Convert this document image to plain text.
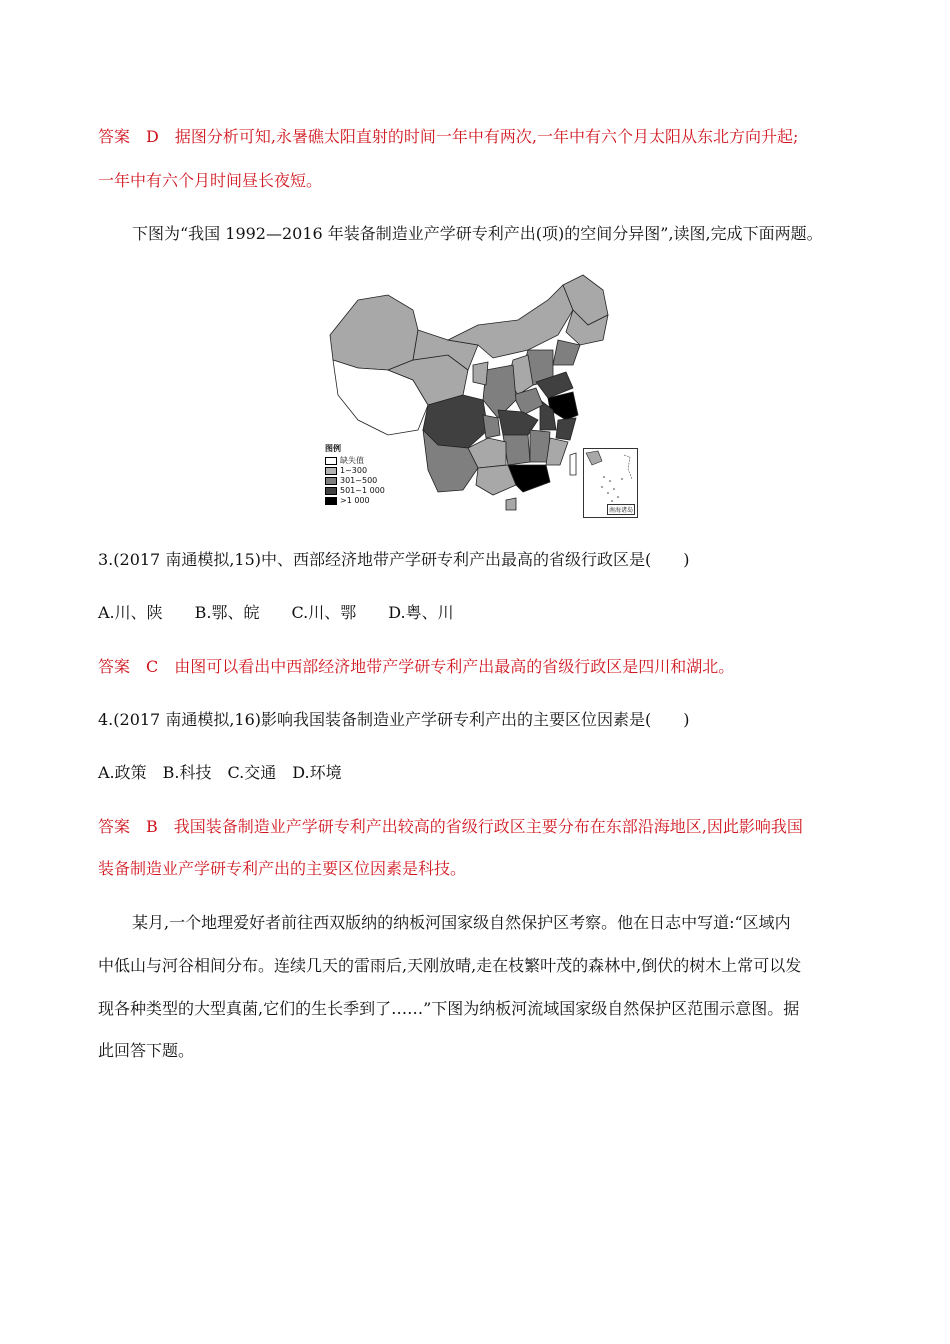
答案　D　据图分析可知,永暑礁太阳直射的时间一年中有两次,一年中有六个月太阳从东北方向升起;
一年中有六个月时间昼长夜短。
下图为“我国 1992—2016 年装备制造业产学研专利产出(项)的空间分异图”,读图,完成下面两题。
图例
缺失值
1~300
301~500
501~1 000
>1 000
南海诸岛
3.(2017 南通模拟,15)中、西部经济地带产学研专利产出最高的省级行政区是(　　)
A.川、陕　　B.鄂、皖　　C.川、鄂　　D.粤、川
答案　C　由图可以看出中西部经济地带产学研专利产出最高的省级行政区是四川和湖北。
4.(2017 南通模拟,16)影响我国装备制造业产学研专利产出的主要区位因素是(　　)
A.政策　B.科技　C.交通　D.环境
答案　B　我国装备制造业产学研专利产出较高的省级行政区主要分布在东部沿海地区,因此影响我国
装备制造业产学研专利产出的主要区位因素是科技。
某月,一个地理爱好者前往西双版纳的纳板河国家级自然保护区考察。他在日志中写道:“区域内
中低山与河谷相间分布。连续几天的雷雨后,天刚放晴,走在枝繁叶茂的森林中,倒伏的树木上常可以发
现各种类型的大型真菌,它们的生长季到了……”下图为纳板河流域国家级自然保护区范围示意图。据
此回答下题。
